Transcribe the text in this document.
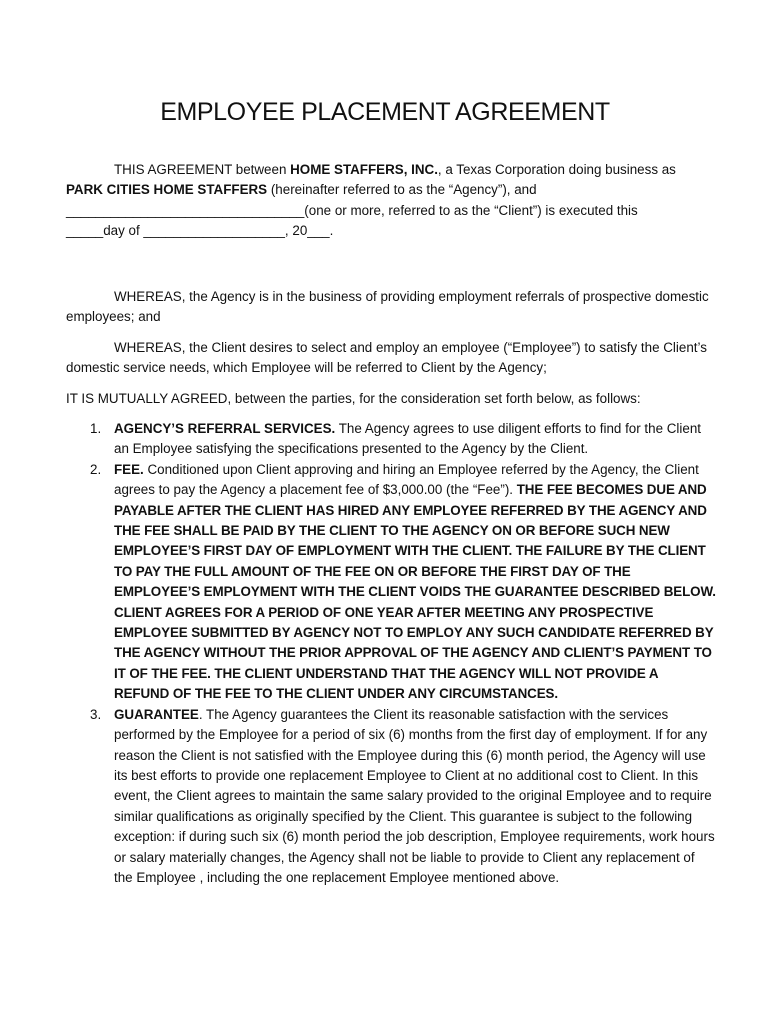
EMPLOYEE PLACEMENT AGREEMENT
THIS AGREEMENT between HOME STAFFERS, INC., a Texas Corporation doing business as PARK CITIES HOME STAFFERS (hereinafter referred to as the “Agency”), and
________________________________(one or more, referred to as the “Client”) is executed this
_____day of ___________________, 20___.
WHEREAS, the Agency is in the business of providing employment referrals of prospective domestic employees; and
WHEREAS, the Client desires to select and employ an employee (“Employee”) to satisfy the Client’s domestic service needs, which Employee will be referred to Client by the Agency;
IT IS MUTUALLY AGREED, between the parties, for the consideration set forth below, as follows:
1. AGENCY’S REFERRAL SERVICES. The Agency agrees to use diligent efforts to find for the Client an Employee satisfying the specifications presented to the Agency by the Client.
2. FEE. Conditioned upon Client approving and hiring an Employee referred by the Agency, the Client agrees to pay the Agency a placement fee of $3,000.00 (the “Fee”). THE FEE BECOMES DUE AND PAYABLE AFTER THE CLIENT HAS HIRED ANY EMPLOYEE REFERRED BY THE AGENCY AND THE FEE SHALL BE PAID BY THE CLIENT TO THE AGENCY ON OR BEFORE SUCH NEW EMPLOYEE’S FIRST DAY OF EMPLOYMENT WITH THE CLIENT. THE FAILURE BY THE CLIENT TO PAY THE FULL AMOUNT OF THE FEE ON OR BEFORE THE FIRST DAY OF THE EMPLOYEE’S EMPLOYMENT WITH THE CLIENT VOIDS THE GUARANTEE DESCRIBED BELOW. CLIENT AGREES FOR A PERIOD OF ONE YEAR AFTER MEETING ANY PROSPECTIVE EMPLOYEE SUBMITTED BY AGENCY NOT TO EMPLOY ANY SUCH CANDIDATE REFERRED BY THE AGENCY WITHOUT THE PRIOR APPROVAL OF THE AGENCY AND CLIENT’S PAYMENT TO IT OF THE FEE. THE CLIENT UNDERSTAND THAT THE AGENCY WILL NOT PROVIDE A REFUND OF THE FEE TO THE CLIENT UNDER ANY CIRCUMSTANCES.
3. GUARANTEE. The Agency guarantees the Client its reasonable satisfaction with the services performed by the Employee for a period of six (6) months from the first day of employment. If for any reason the Client is not satisfied with the Employee during this (6) month period, the Agency will use its best efforts to provide one replacement Employee to Client at no additional cost to Client. In this event, the Client agrees to maintain the same salary provided to the original Employee and to require similar qualifications as originally specified by the Client. This guarantee is subject to the following exception: if during such six (6) month period the job description, Employee requirements, work hours or salary materially changes, the Agency shall not be liable to provide to Client any replacement of the Employee , including the one replacement Employee mentioned above.
